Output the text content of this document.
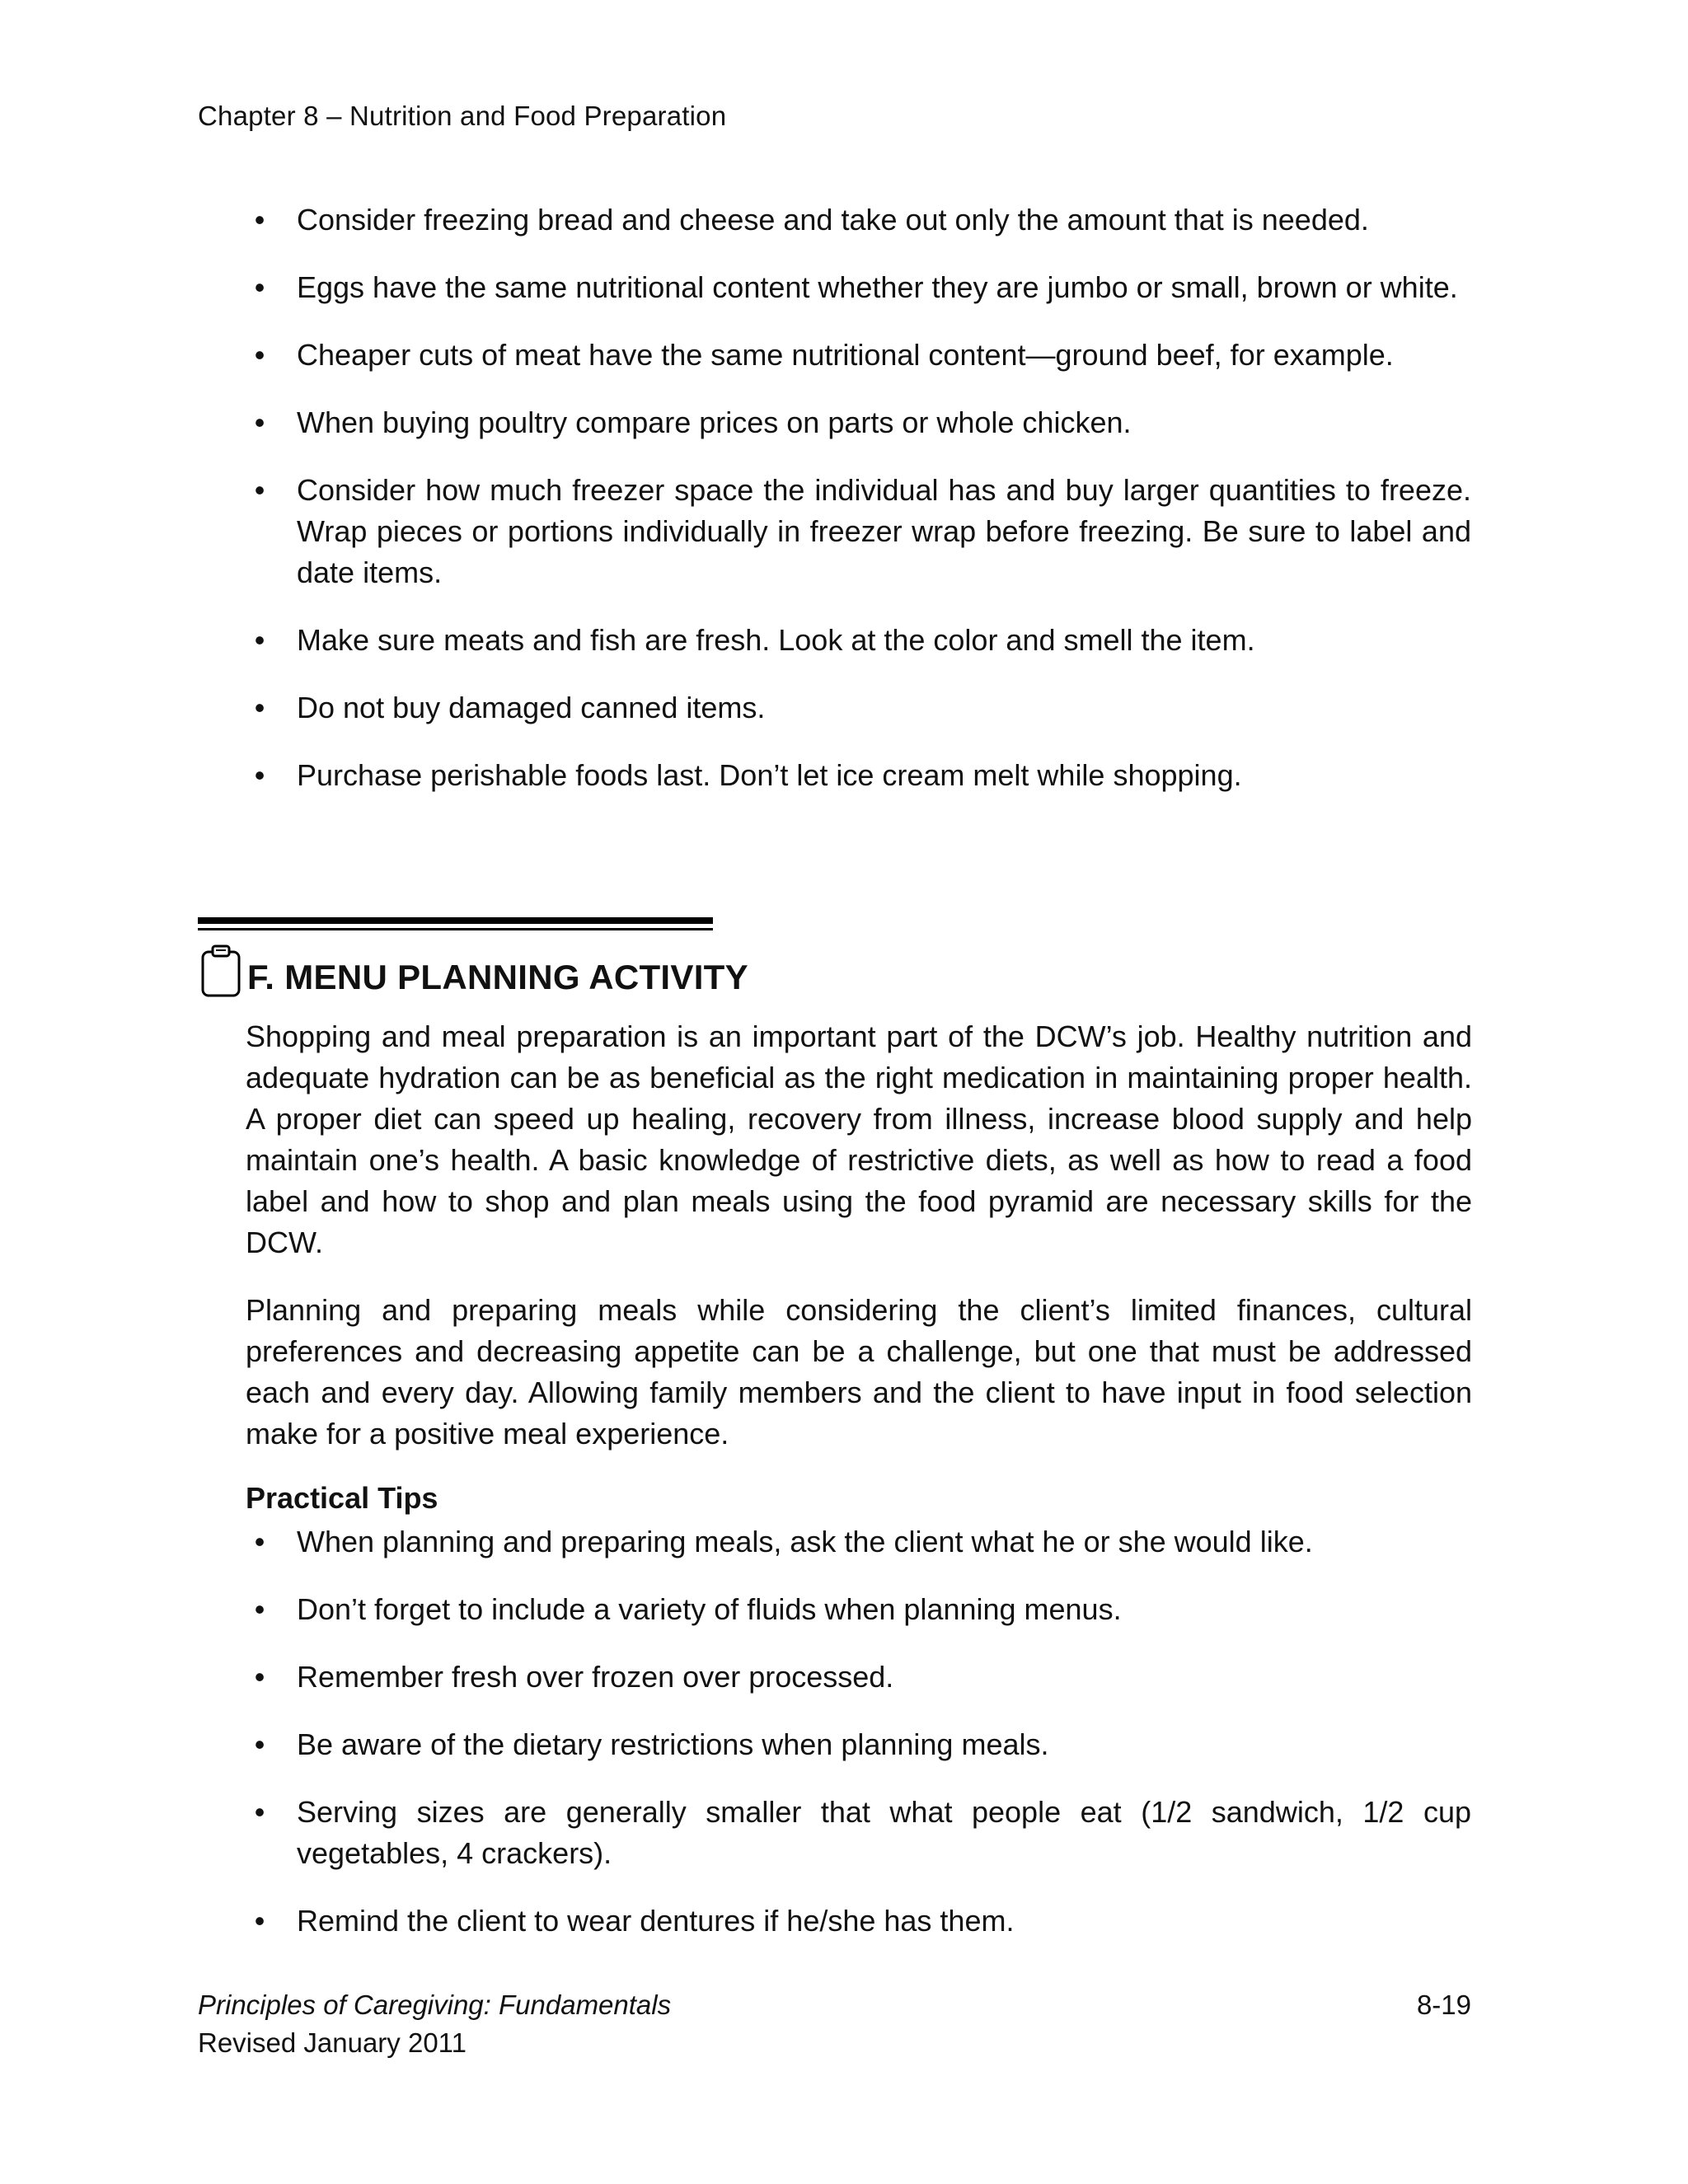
Chapter 8 – Nutrition and Food Preparation
• Consider freezing bread and cheese and take out only the amount that is needed.
• Eggs have the same nutritional content whether they are jumbo or small, brown or white.
• Cheaper cuts of meat have the same nutritional content—ground beef, for example.
• When buying poultry compare prices on parts or whole chicken.
• Consider how much freezer space the individual has and buy larger quantities to freeze. Wrap pieces or portions individually in freezer wrap before freezing. Be sure to label and date items.
• Make sure meats and fish are fresh. Look at the color and smell the item.
• Do not buy damaged canned items.
• Purchase perishable foods last. Don’t let ice cream melt while shopping.
F. MENU PLANNING ACTIVITY

Shopping and meal preparation is an important part of the DCW’s job. Healthy nutrition and adequate hydration can be as beneficial as the right medication in maintaining proper health. A proper diet can speed up healing, recovery from illness, increase blood supply and help maintain one’s health. A basic knowledge of restrictive diets, as well as how to read a food label and how to shop and plan meals using the food pyramid are necessary skills for the DCW.

Planning and preparing meals while considering the client’s limited finances, cultural preferences and decreasing appetite can be a challenge, but one that must be addressed each and every day. Allowing family members and the client to have input in food selection make for a positive meal experience.

Practical Tips
• When planning and preparing meals, ask the client what he or she would like.
• Don’t forget to include a variety of fluids when planning menus.
• Remember fresh over frozen over processed.
• Be aware of the dietary restrictions when planning meals.
• Serving sizes are generally smaller that what people eat (1/2 sandwich, 1/2 cup vegetables, 4 crackers).
• Remind the client to wear dentures if he/she has them.
Principles of Caregiving: Fundamentals
Revised January 2011
8-19
